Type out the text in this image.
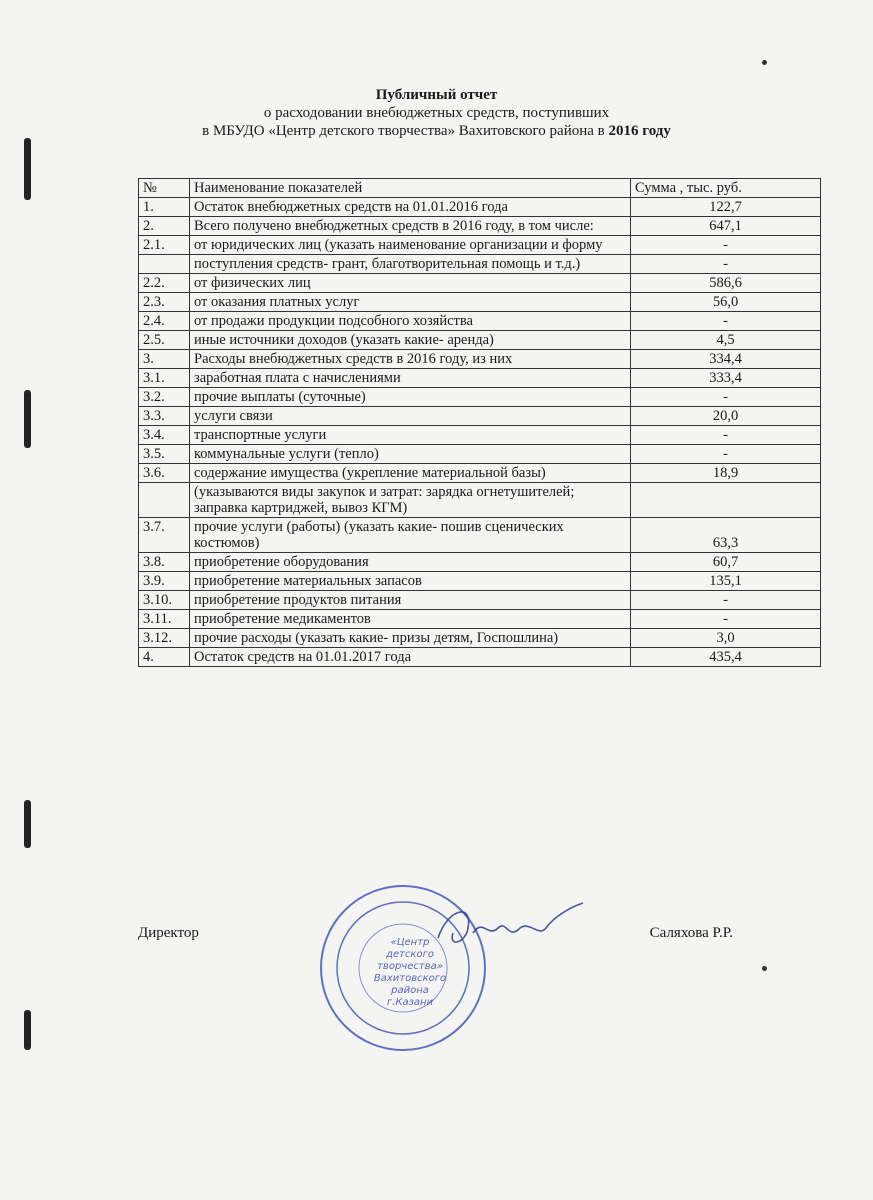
Публичный отчет
о расходовании внебюджетных средств, поступивших
в МБУДО «Центр детского творчества» Вахитовского района в 2016 году
№	Наименование показателей	Сумма , тыс. руб.
1.	Остаток внебюджетных средств на 01.01.2016 года	122,7
2.	Всего получено внебюджетных средств в 2016 году, в том числе:	647,1
2.1.	от юридических лиц (указать наименование организации и форму	-
	поступления средств- грант, благотворительная помощь и т.д.)	-
2.2.	от физических лиц	586,6
2.3.	от оказания платных услуг	56,0
2.4.	от продажи продукции подсобного хозяйства	-
2.5.	иные источники доходов (указать какие- аренда)	4,5
3.	Расходы внебюджетных средств в 2016 году, из них	334,4
3.1.	заработная плата с начислениями	333,4
3.2.	прочие выплаты (суточные)	-
3.3.	услуги связи	20,0
3.4.	транспортные услуги	-
3.5.	коммунальные услуги (тепло)	-
3.6.	содержание имущества (укрепление материальной базы)	18,9
	(указываются виды закупок и затрат: зарядка огнетушителей; заправка картриджей, вывоз КГМ)	
3.7.	прочие услуги (работы) (указать какие- пошив сценических костюмов)	63,3
3.8.	приобретение оборудования	60,7
3.9.	приобретение материальных запасов	135,1
3.10.	приобретение продуктов питания	-
3.11.	приобретение медикаментов	-
3.12.	прочие расходы (указать какие- призы детям, Госпошлина)	3,0
4.	Остаток средств на 01.01.2017 года	435,4
Директор	Саляхова Р.Р.
«Центр
детского
творчества»
Вахитовского
района
г.Казани
